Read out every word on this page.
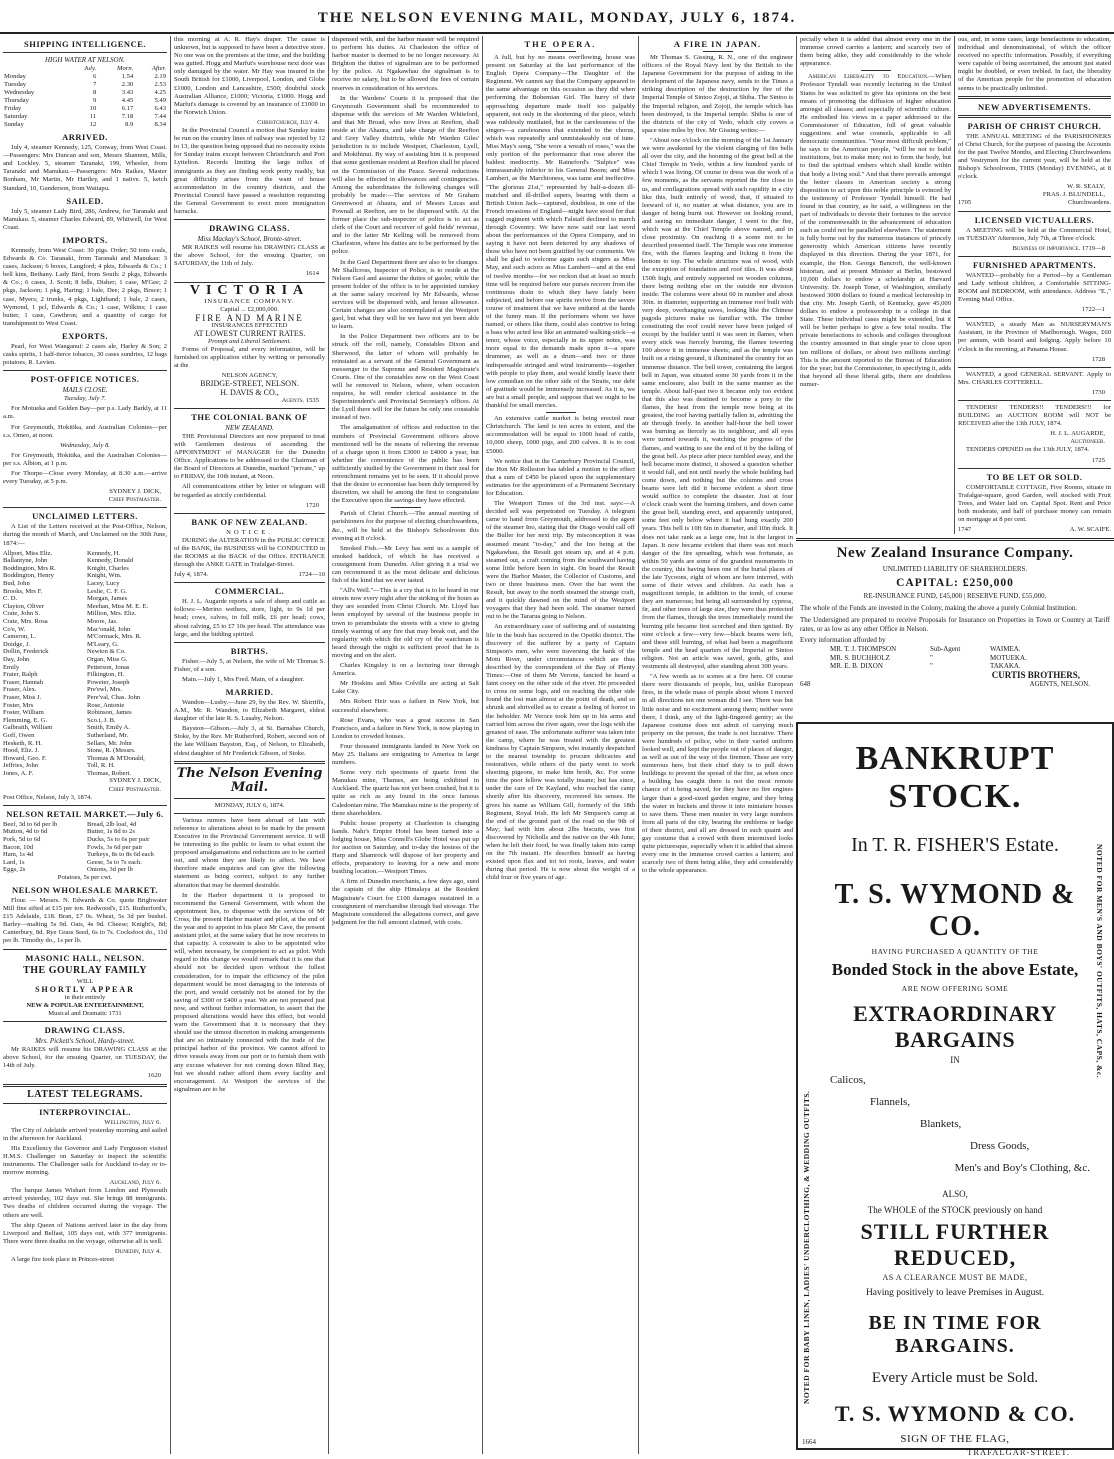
THE NELSON EVENING MAIL, MONDAY, JULY 6, 1874.
SHIPPING INTELLIGENCE.
HIGH WATER AT NELSON.
	July.	Morn.	After.
Monday	6	1.54	2.19
Tuesday	7	2.30	2.53
Wednesday	8	3.43	4.25
Thursday	9	4.45	5.49
Friday	10	6.17	6.43
Saturday	11	7.18	7.44
Sunday	12	8.9	8.34
ARRIVED.

July 4, steamer Kennedy, 125, Conway, from West Coast.—Passengers: Mrs Duncan and son, Messrs Shannon, Mills, and Lockley. 5, steamer Taranaki, 199, Wheeler, from Taranaki and Manukau.—Passengers: Mrs Raikes, Master Bonham, Mr Martin, Mr Hartley, and 1 native. 5, ketch Standard, 10, Gunderson, from Waitapu.

SAILED.

July 5, steamer Lady Bird, 286, Andrew, for Taranaki and Manukau. 5, steamer Charles Edward, 89, Whitwell, for West Coast.

IMPORTS.

Kennedy, from West Coast: 30 pigs. Order; 50 tons coals, Edwards & Co. Taranaki, from Taranaki and Manukau: 3 cases, Jackson; 6 boxes, Langford; 4 pkts, Edwards & Co.; 1 bell kins, Bethany. Lady Bird, from South: 2 pkgs, Edwards & Co.; 6 cases, J. Scott; 8 bdls, Disher; 1 case, M'Gee; 2 pkgs, Jackson; 1 pkg, Haring; 1 bale, Dee; 2 pkgs, Bruce; 1 case, Myers; 2 trunks, 4 pkgs, Lightband; 1 bale, 2 cases, Wymond, 1 pcl, Edwards & Co.; 1 case, Wilkins; 1 case butter, 1 case, Cawthron; and a quantity of cargo for transhipment to West Coast.

EXPORTS.

Pearl, for West Wanganui: 2 cases ale, Harley & Son; 2 casks spirits, 1 half-tierce tobacco, 30 cases sundries, 12 bags potatoes, R. Levien.

POST-OFFICE NOTICES.
MAILS CLOSE.

Tuesday, July 7.

For Motueka and Golden Bay—per p.s. Lady Barkly, at 11 a.m.

For Greymouth, Hokitika, and Australian Colonies—per s.s. Omeo, at noon.

Wednesday, July 8.

For Greymouth, Hokitika, and the Australian Colonies—per s.s. Albion, at 1 p.m.

For Thorpe—Close every Monday, at 8.30 a.m.—arrive every Tuesday, at 5 p.m.

SYDNEY J. DICK,
Chief Postmaster.
UNCLAIMED LETTERS.

A List of the Letters received at the Post-Office, Nelson, during the month of March, and Unclaimed on the 30th June, 1874:—

Allport, Miss Eliz.
Ballantyne, John
Boddington, Mrs R.
Boddington, Henry
Bud, John
Brooks, Mrs F.
C. D.
Clayton, Oliver
Crate, John S.
Crate, Mrs. Rosa
Co'e, W.
Cameron, L.
Doidge, J.
Dollin, Frederick
Day, John
Emily
Frater, Ralph
Fraser, Hannah
Fraser, Alex.
Fraser, Miss J.
Foster, Mrs
Foster, William
Flemming, E. G.
Galbraith, William
Goff, Owen
Hesketh, R. H.
Hood, Eliz. J.
Howard, Geo. F.
Jeffries, John
Jones, A. F.
Kennedy, H.
Kennedy, Donald
Knight, Charles
Knight, Wm.
Lacey, Lucy
Leslie, C. F. G.
Morgan, James
Meehan, Miss M. E. E.
Million, Mrs. Eliz.
Moore, Jas.
Mac'onald, John
M'Cormack, Mrs. R.
M'Leary, G.
Newton & Co.
Organ, Miss G.
Petterson, Jonas
Filkington, H.
Poweter, Joseph
Pre'ewl, Mrs.
Pere'val, Chas. John
Rose, Antonie
Robinson, James
Sco.t, J. B.
Smith, Emily A.
Sutherland, Mr.
Sellars, Mr. John
Stone, R. (Messrs.
Thomas & M'Donald,
Toll, R. H.
Thomas, Robert.
SYDNEY J. DICK,
Chief Postmaster.

Post Office, Nelson, July 3, 1874.

NELSON RETAIL MARKET.—July 6.
Beef, 3d to 6d per lb
Mutton, 4d to 6d
Pork, 5d to 6d
Bacon, 10d
Ham, 1s 4d
Lard, 1s
Eggs, 2s
Bread, 2lb loaf, 4d
Butter, 1s 8d to 2s
Ducks, 5s to 6s per pair
Fowls, 3s 6d per pair
Turkeys, 8s to 8s 6d each
Geese, 5s to 7s each.
Onions, 3d per lb
Potatoes, 5s per cwt.
NELSON WHOLESALE MARKET.

Flour. — Messrs. N. Edwards & Co. quote Brighwater Mill fine sifted at £15 per ton. Redwood's, £15. Rutherford's, £15 Adelaide, £18. Bran, £7 0s. Wheat, 5s 3d per bushel. Barley—malting 5s 9d. Oats, 4s 9d. Cheese; Knight's, 8d; Canterbury, 8d. Rye Grass Seed, 6s to 7s. Cocksfoot do., 11d per lb. Timothy do., 1s per lb.

MASONIC HALL, NELSON.
THE GOURLAY FAMILY
WILL
SHORTLY APPEAR
in their entirely
NEW & POPULAR ENTERTAINMENT,
Musical and Dramatic 1731
DRAWING CLASS.
Mrs. Pickett's School, Hardy-street.

Mr RAIKES will resume his DRAWING CLASS at the above School, for the ensuing Quarter, on TUESDAY, the 14th of July.

1620
LATEST TELEGRAMS.
INTERPROVINCIAL.
Wellington, July 6.

The City of Adelaide arrived yesterday morning and sailed in the afternoon for Auckland.

His Excellency the Governor and Lady Fergusson visited H.M.S. Challenger on Saturday to inspect the scientific instruments. The Challenger sails for Auckland to-day or to-morrow morning.

Auckland, July 6.

The barque James Wishart from London and Plymouth arrived yesterday, 102 days out. She brings 88 immigrants. Two deaths of children occurred during the voyage. The others are well.

The ship Queen of Nations arrived later in the day from Liverpool and Belfast, 105 days out, with 377 immigrants. There were three deaths on the voyage, otherwise all is well.

Dunedin, July 4.

A large fire took place in Princes-street

this morning at A. R. Hay's draper. The cause is unknown, but is supposed to have been a detective store. No one was on the premises at the time, and the building was gutted. Hogg and Marfut's warehouse next door was only damaged by the water. Mr Hay was insured in the South British for £1000, Liverpool, London, and Globe £1000, London and Lancashire, £500; doubtful stock Australian Alliance, £1000; Victoria, £1000. Hogg and Marfut's damage is covered by an insurance of £1000 in the Norwich Union.

Christchurch, July 4.

In the Provincial Council a motion that Sunday trains be run on the country lines of railway was rejected by 12 to 13, the question being opposed that no necessity exists for Sunday trains except between Christchurch and Port Lyttelton. Records limiting the large influx of immigrants as they are finding work pretty readily, but great difficulty arises from the want of house accommodation in the country districts, and the Provincial Council have passed a resolution requesting the General Government to erect more immigration barracks.

DRAWING CLASS.
Miss Mackay's School, Bronte-street.

MR RAIKES will resume his DRAWING CLASS at the above School, for the ensuing Quarter, on SATURDAY, the 11th of July.

1614
VICTORIA
INSURANCE COMPANY.
Capital ... £2,000,000.
FIRE AND MARINE
INSURANCES EFFECTED
AT LOWEST CURRENT RATES.
Prompt and Liberal Settlement.

Forms of Proposal, and every information, will be furnished on application either by writing or personally at the

NELSON AGENCY,
BRIDGE-STREET, NELSON.
H. DAVIS & CO.,
Agents. 1535
THE COLONIAL BANK OF
NEW ZEALAND.

THE Provisional Directors are now prepared to treat with Gentlemen desirous of ascending the APPOINTMENT of MANAGER for the Dunedin Office. Applications to be addressed to the Chairman of the Board of Directors at Dunedin, marked "private," up to FRIDAY, the 10th instant, at Noon.

All communications either by letter or telegram will be regarded as strictly confidential.

1720
BANK OF NEW ZEALAND.
NOTICE.

DURING the ALTERATION in the PUBLIC OFFICE of the BANK, the BUSINESS will be CONDUCTED in the ROOMS at the BACK of the Office. ENTRANCE through the ANKE GATE in Trafalgar-Street.

July 4, 1874.	1724—10

COMMERCIAL.

H. J. L. Augarde reports a sale of sheep and cattle as follows:—Merino wethers, store, light, to 9s 1d per head; cows, calves, in full milk, £6 per head; cows, about calving, £5 to £7 10s per head. The attendance was large, and the bidding spirited.

BIRTHS.

Fisher.—July 5, at Nelson, the wife of Mr Thomas S. Fisher, of a son.

Main.—July 1, Mrs Fred. Main, of a daughter.

MARRIED.

Wandon—Lusby.—June 29, by the Rev. W. Shirriffs, A.M., Mr. R. Wandon, to Elizabeth Margaret, eldest daughter of the late R. S. Lusaby, Nelson.

Bayston—Gibson.—July 3, at St. Barnabas Church, Stoke, by the Rev. Mr Rutherford, Robert, second son of the late William Bayston, Esq., of Nelson, to Elizabeth, eldest daughter of Mr Frederick Gibson, of Stoke.

The Nelson Evening Mail.
MONDAY, JULY 6, 1874.

Various rumors have been abroad of late with reference to alterations about to be made by the present Executive in the Provincial Government service. It will be interesting to the public to learn to what extent the proposed amalgamations and reductions are to be carried out, and whom they are likely to affect. We have therefore made enquiries and can give the following statement as being correct, subject to any further alteration that may be deemed desirable.

In the Harbor department it is proposed to recommend the General Government, with whom the appointment lies, to dispense with the services of Mr Cross, the present Harbor master and pilot, at the end of the year and to appoint in his place Mr Cave, the present assistant pilot, at the same salary that he now receives in that capacity. A coxswain is also to be appointed who will, when necessary, be competent to act as pilot. With regard to this change we would remark that it is one that should not be decided upon without the fullest consideration, for to impair the efficiency of the pilot department would be most damaging to the interests of the port, and would certainly not be atoned for by the saving of £300 or £400 a year. We are not prepared just now, and without further information, to assert that the proposed alterations would have this effect, but would warn the Government that it is necessary that they should use the utmost discretion in making arrangements that are so intimately connected with the trade of the principal harbor of the province. We cannot afford to drive vessels away from our port or to furnish them with any excuse whatever for not coming down Blind Bay, but we should rather afford them every facility and encouragement. At Westport the services of the signalman are to be

dispensed with, and the harbor master will be required to perform his duties. At Charleston the office of harbor master is deemed to be no longer necessary. At Brighton the duties of signalman are to be performed by the police. At Ngakawhau the signalman is to receive no salary, but to be allowed the fees of certain reserves in consideration of his services.

In the Wardens' Courts it is proposed that the Greymouth Government shall be recommended to dispense with the services of Mr Warden Whiteford, and that Mr Broad, who now lives at Reefton, shall reside at the Ahaura, and take charge of the Reefton and Grey Valley districts, while Mr Warden Giles' jurisdiction is to include Westport, Charleston, Lyell, and Mokihinui. By way of assisting him it is proposed that some gentleman resident at Reefton shall be placed on the Commission of the Peace. Several reductions will also be effected in allowances and contingencies. Among the subordinates the following changes will probably be made:—The services of Mr Graham Greenwood at Ahaura, and of Messrs Lucas and Pownall at Reefton, are to be dispensed with. At the former place the sub-inspector of police is to act as clerk of the Court and receiver of gold fields' revenue, and to the latter Mr Kelling will be removed from Charleston, where his duties are to be performed by the police.

In the Gaol Department there are also to be changes. Mr Shallcross, Inspector of Police, is to reside at the Nelson Gaol and assume the duties of gaoler, while the present holder of the office is to be appointed turnkey at the same salary received by Mr Edwards, whose services will be dispensed with, and house allowance. Certain changes are also contemplated at the Westport gaol, but what they will be we have not yet been able to learn.

In the Police Department two officers are to be struck off the roll, namely, Constables Dixon and Sherwood, the latter of whom will probably be reinstated as a servant of the General Government as messenger to the Supreme and Resident Magistrate's Courts. One of the constables now on the West Coast will be removed to Nelson, where, when occasion requires, he will render clerical assistance in the Superintendent's and Provincial Secretary's offices. At the Lyell there will for the future be only one constable instead of two.

The amalgamation of offices and reduction in the numbers of Provincial Government officers above mentioned will be the means of relieving the revenue of a charge upon it from £3000 to £4000 a year, but whether the convenience of the public has been sufficiently studied by the Government in their zeal for retrenchment remains yet to be seen. If it should prove that the desire to economise has been duly tempered by discretion, we shall be among the first to congratulate the Executive upon the savings they have effected.

Parish of Christ Church.—The annual meeting of parishioners for the purpose of electing churchwardens, &c., will be held at the Bishop's Schoolroom this evening at 8 o'clock.

Smoked Fish.—Mr Levy has sent us a sample of smoked haddock, of which he has received a consignment from Dunedin. After giving it a trial we can recommend it as the most delicate and delicious fish of the kind that we ever tasted.

"All's Well."—This is a cry that is to be heard in our streets now every night after the striking of the hours as they are sounded from Christ Church. Mr. Lloyd has been employed by several of the business people in town to perambulate the streets with a view to giving timely warning of any fire that may break out, and the regularity with which the old cry of the watchman is heard through the night is sufficient proof that he is moving and on the alert.

Charles Kingsley is on a lecturing tour through America.

Mr Hoskins and Miss Colville are acting at Salt Lake City.

Mrs Robert Heir was a failure in New York, but successful elsewhere.

Rose Evans, who was a great success in San Francisco, and a failure in New York, is now playing in London to crowded houses.

Four thousand immigrants landed in New York on May 25. Italians are emigrating to America in large numbers.

Some very rich specimens of quartz from the Manukau mine, Thames, are being exhibited in Auckland. The quartz has not yet been crushed, but it is quite as rich as any found in the once famous Caledonian mine. The Manukau mine is the property of three shareholders.

Public house property at Charleston is changing hands. Nahr's Empire Hotel has been turned into a lodging house, Miss Connell's Globe Hotel was put up for auction on Saturday, and to-day the hostess of the Harp and Shamrock will dispose of her property and effects, preparatory to leaving for a new and more bustling location.—Westport Times.

A firm of Dunedin merchants, a few days ago, sued the captain of the ship Himalaya at the Resident Magistrate's Court for £100 damages sustained in a consignment of merchandise through bad stowage. The Magistrate considered the allegations correct, and gave judgment for the full amount claimed, with costs.

THE OPERA.

A full, but by no means overflowing, house was present on Saturday at the last performance of the English Opera Company—The Daughter of the Regiment. We cannot say that the Company appeared to the same advantage on this occasion as they did when performing the Bohemian Girl. The hurry of their approaching departure made itself too palpably apparent, not only in the shortening of the piece, which was ruthlessly mutilated, but in the carelessness of the singers—a carelessness that extended to the chorus, which was repeatedly and unmistakeably out of tune. Miss May's song, "She wore a wreath of roses," was the only portion of the performance that rose above the baldest mediocrity. Mr Raineford's "Sulpice" was immeasurably inferior to his General Boom; and Miss Lambert, as the Marchioness, was tame and ineffective. "The glorious 21st," represented by half-a-dozen ill-matched and ill-drilled supers, bearing with them a British Union Jack—captured, doubtless, in one of the French invasions of England—might have stood for that ragged regiment with which Falstaff declined to march through Coventry. We have now said our last word about the performances of the Opera Company, and in saying it have not been deterred by any shadows of those who have not been gratified by our comments. We shall be glad to welcome again such singers as Miss May, and such actors as Miss Lambert—and at the end of twelve months—for we reckon that at least so much time will be required before our purses recover from the continuous drain to which they have lately been subjected, and before our spirits revive from the severe course of treatment that we have endured at the hands of the funny man. If the performers whom we have named, or others like them, could also contrive to bring a bass who acted less like an animated walking-stick—a tenor, whose voice, especially in its upper notes, was more equal to the demands made upon it—a spare drummer, as well as a drum—and two or three indispensable stringed and wind instruments—together with people to play them, and would kindly leave their low comedian on the other side of the Straits, our debt of gratitude would be immensely increased. As it is, we are but a small people, and suppose that we ought to be thankful for small mercies.

An extensive cattle market is being erected near Christchurch. The land is ten acres in extent, and the accommodation will be equal to 1000 head of cattle, 10,000 sheep, 1000 pigs, and 200 calves. It is to cost £5000.

We notice that in the Canterbury Provincial Council, the Hon Mr Rolleston has tabled a motion to the effect that a sum of £450 be placed upon the supplementary estimates for the appointment of a Permanent Secretary for Education.

The Westport Times of the 3rd inst. says:—A decided sell was perpetrated on Tuesday. A telegram came to hand from Greymouth, addressed to the agent of the steamer Ino, stating that the Otago would call off the Buller for her next trip. By misconception it was assumed meant "to-day," and the Ino being at the Ngakawhau, the Result got steam up, and at 4 p.m. steamed out, a craft coming from the southward having some little before been in sight. On board the Result were the Harbor Master, the Collector of Customs, and two or three business men. Over the bar went the Result, but away to the north steamed the strange craft, and it quickly dawned on the mind of the Westport voyagers that they had been sold. The steamer turned out to be the Tararua going to Nelson.

An extraordinary case of suffering and of sustaining life in the bush has occurred in the Opotiki district. The discovery of the sufferer by a party of Captain Simpson's men, who were traversing the bank of the Motu River, under circumstances which are thus described by the correspondent of the Bay of Plenty Times:—One of them Mr Verone, fancied he heard a faint cooey on the other side of the river. He proceeded to cross on some logs, and on reaching the other side found the lost man almost at the point of death, and so shrunk and shrivelled as to create a feeling of horror in the beholder. Mr Veroce took him up in his arms and carried him across the river again, over the logs with the greatest of ease. The unfortunate sufferer was taken into the camp, where he was treated with the greatest kindness by Captain Simpson, who instantly despatched to the nearest township to procure delicacies and restoratives, while others of the party went to work shooting pigeons, to make him broth, &c. For some time the poor fellow was totally insane; but has since, under the care of Dr Kayland, who reached the camp shortly after his discovery, recovered his senses. He gives his name as William Gill, formerly of the 18th Regiment, Royal Irish. He left Mr Simpson's camp at the end of the ground part of the road on the 9th of May; had with him about 2lbs biscuits, was first discovered by Nicholls and the native on the 4th June; when he left their food, he was finally taken into camp on the 7th instant. He describes himself as having existed upon flax and toi toi roots, leaves, and water during that period. He is now about the weight of a child four or five years of age.

A FIRE IN JAPAN.

Mr Thomas S. Gissing, R. N., one of the engineer officers of the Royal Navy lent by the British to the Japanese Government for the purpose of aiding in the development of the Japanese navy, sends to the Times a striking description of the destruction by fire of the Imperial Temple of Sintoo Zojoji, at Shiba. The Sintoo is the Imperial religion, and Zojoji, the temple which has been destroyed, is the Imperial temple. Shiba is one of the districts of the city of Yedo, which city covers a space nine miles by five. Mr Gissing writes:—

"About one o'clock on the morning of the 1st January we were awakened by the violent clanging of fire bells all over the city, and the booming of the great bell at the Chief Temple in Yedo, within a few hundred yards of which I was living. Of course to dress was the work of a few moments, as the servants reported the fire close to us, and conflagrations spread with such rapidity in a city like this, built entirely of wood, that, if situated to leeward of it, no matter at what distance, you are in danger of being burnt out. However on looking round, and seeing no immediate danger, I went to the fire, which was at the Chief Temple above named, and in close proximity. On reaching it a scene not to be described presented itself. The Temple was one immense fire, with the flames leaping and licking it from the bottom to top. The whole structure was of wood, with the exception of foundation and roof tiles. It was about 150ft high, and entirely supported on wooden columns, there being nothing else on the outside nor division inside. The columns were about 60 in number and about 30in. in diameter, supporting an immense roof built with very deep, overhanging eaves, looking like the Chinese pagoda pictures make us familiar with. The timber constituting the roof could never have been judged of except by the builder until it was seen in flames, when every stick was fiercely burning, the flames towering 100 above it in immense sheets; and as the temple was built on a rising ground, it illuminated the country for an immense distance. The bell tower, containing the largest bell in Japan, was situated some 30 yards from it in the same enclosure, also built in the same manner as the temple. About half-past two it became only too evident that this also was destined to become a prey to the flames, the heat from the temple now being at its greatest, the roof having partially fallen in, admitting the air through freely. In another half-hour the bell tower was burning as fiercely as its neighbour, and all eyes were turned towards it, watching the progress of the flames, and waiting to see the end of it by the falling of the great bell. As piece after piece tumbled away, and the bell became more distinct, it showed a question whether it would fall, and not until nearly the whole building had come down, and nothing but the columns and cross beams were left did it become evident a short time would suffice to complete the disaster. Just at four o'clock crash went the burning timbers, and down came the great bell, standing erect, and apparently uninjured, some feet only below where it had hung exactly 200 years. This bell is 10ft 6in in diameter, and 10in thick. It does not take rank as a large one, but is the largest in Japan. It now became evident that there was not much danger of the fire spreading, which was fortunate, as within 50 yards are some of the grandest monuments in the country, this having been one of the burial places of the late Tycoons, eight of whom are here interred, with some of their wives and children. As each has a magnificent temple, in addition to the tomb, of course they are numerous; but being all surrounded by cypress, fir, and other trees of large size, they were thus protected from the flames, though the trees immediately round the burning pile became first scorched and then ignited. By nine o'clock a few—very few—black beams were left, and these still burning, of what had been a magnificent temple and the head quarters of the Imperial or Sintoo religion. Not an article was saved, gods, gifts, and vestments all destroyed, after standing about 300 years.

"A few words as to scenes at a fire here. Of course there were thousands of people, but, unlike European fires, in the whole mass of people about whom I moved in all directions not one woman did I see. There was but little noise and no excitement among them; neither were there, I think, any of the light-fingered gentry; as the Japanese costume does not admit of carrying much property on the person, the trade is not lucrative. There were hundreds of police, who in their varied uniform looked well, and kept the people out of places of danger, as well as out of the way of the firemen. These are very numerous here, but their chief duty is to pull down buildings to prevent the spread of the fire, as when once a building has caught there is not the most remote chance of it being saved, for they have no fire engines larger than a good-sized garden engine, and they bring the water in buckets and throw it into miniature houses to save them. These men muster in very large numbers from all parts of the city, bearing the emblems or badge of their district, and all are dressed in such quaint and gay costume that a crowd with them intermixed looks quite picturesque, especially when it is added that almost every one in the immense crowd carries a lantern; and scarcely two of them being alike, they add considerably to the whole appearance.

pecially when it is added that almost every one in the immense crowd carries a lantern; and scarcely two of them being alike, they add considerably to the whole appearance.

American Liberality to Education.—When Professor Tyndall was recently lecturing in the United States he was solicited to give his opinions on the best means of promoting the diffusion of higher education amongst all classes; and especially of scientific culture. He embodied his views in a paper addressed to the Commissioner of Education, full of great valuable suggestions and wise counsels, applicable to all democratic communities. "Your most difficult problem," he says to the American people, "will be not to build institutions, but to make men; not to form the body, but to find the spiritual embers which shall kindle within that body a living soul." And that there prevails amongst the better classes in American society a strong disposition to act upon this noble principle is evinced by the testimony of Professor Tyndall himself. He had found in that country, as he said, a willingness on the part of individuals to devote their fortunes to the service of the commonwealth in the advancement of education such as could not be paralleled elsewhere. The statement is fully borne out by the numerous instances of princely generosity which American citizens have recently displayed in this direction. During the year 1871, for example, the Hon. George Bancroft, the well-known historian, and at present Minister at Berlin, bestowed 10,000 dollars to endow a scholarship at Harvard University. Dr. Joseph Toner, of Washington, similarly bestowed 3000 dollars to found a medical lectureship in that city. Mr. Joseph Garth, of Kentucky, gave 45,000 dollars to endow a professorship in a college in that State. These individual cases might be extended, but it will be better perhaps to give a few total results. The private benefactions to schools and colleges throughout the country amounted in that single year to close upon ten millions of dollars, or about two millions sterling! This is the amount reported to the Bureau of Education for the year; but the Commissioner, in specifying it, adds that beyond all these liberal gifts, there are doubtless numer-

ous, and, in some cases, large benefactions to education, individual and denominational, of which the officer received no specific information. Possibly, if everything were capable of being ascertained, the amount just stated might be doubled, or even trebled. In fact, the liberality of the American people for the promotion of education seems to be practically unlimited.

NEW ADVERTISEMENTS.
PARISH OF CHRIST CHURCH.

THE ANNUAL MEETING of the PARISHIONERS of Christ Church, for the purpose of passing the Accounts for the past Twelve Months, and Electing Churchwardens and Vestrymen for the current year, will be held at the Bishop's Schoolroom, THIS (Monday) EVENING, at 8 o'clock.

W. R. SEALY,
FRAS. J. BLUNDELL,

1705	Churchwardens.

LICENSED VICTUALLERS.

A MEETING will be held at the Commercial Hotel, on TUESDAY Afternoon, July 7th, at Three o'clock.

Business of importance. 1719—8
FURNISHED APARTMENTS.

WANTED—probably for a Period—by a Gentleman and Lady without children, a Comfortable SITTING-ROOM and BEDROOM, with attendance. Address "E.," Evening Mail Office.

1722—1

WANTED, a steady Man as NURSERYMAN'S Assistant, in the Province of Marlborough. Wages, £60 per annum, with board and lodging. Apply before 10 o'clock in the morning, at Panama House.

1728

WANTED, a good GENERAL SERVANT. Apply to Mrs. CHARLES COTTERELL.

1730

TENDERS! TENDERS!! TENDERS!!! for BUILDING an AUCTION ROOM will NOT be RECEIVED after the 13th JULY, 1874.

H. J. L. AUGARDE,
Auctioneer.

TENDERS OPENED on the 13th JULY, 1874.

1725
TO BE LET OR SOLD.

COMFORTABLE COTTAGE, Five Rooms, situate in Trafalgar-square, good Garden, well stocked with Fruit Trees, and Water laid on. Capital Spot. Rent and Price both moderate, and half of purchase money can remain on mortgage at 8 per cent.

1747	A. W. SCAIFE.

New Zealand Insurance Company.
UNLIMITED LIABILITY OF SHAREHOLDERS.
CAPITAL: £250,000
RE-INSURANCE FUND, £45,000 | RESERVE FUND, £55,000.
The whole of the Funds are invested in the Colony, making the above a purely Colonial Institution.
The Undersigned are prepared to receive Proposals for Insurance on Properties in Town or Country at Tariff rates, or as low as any other Office in Nelson.
Every information afforded by
MR. T. J. THOMPSON	Sub-Agent	WAIMEA.
MR. S. BUCHHOLZ	"	MOTUEKA.
MR. E. B. DIXON	"	TAKAKA.
CURTIS BROTHERS,
648	AGENTS, NELSON.
NOTED FOR BABY LINEN, LADIES' UNDERCLOTHING, & WEDDING OUTFITS.
NOTED FOR MEN'S AND BOYS' OUTFITS, HATS, CAPS, &c.
BANKRUPT STOCK.
In T. R. FISHER'S Estate.
T. S. WYMOND & CO.
HAVING PURCHASED A QUANTITY OF THE
Bonded Stock in the above Estate,
ARE NOW OFFERING SOME
EXTRAORDINARY BARGAINS
IN
Calicos,
Flannels,
Blankets,
Dress Goods,
Men's and Boy's Clothing, &c.
ALSO,
The WHOLE of the STOCK previously on hand
STILL FURTHER REDUCED,
AS A CLEARANCE MUST BE MADE,
Having positively to leave Premises in August.
BE IN TIME FOR BARGAINS.
Every Article must be Sold.
T. S. WYMOND & CO.
SIGN OF THE FLAG,
TRAFALGAR-STREET.
1664
